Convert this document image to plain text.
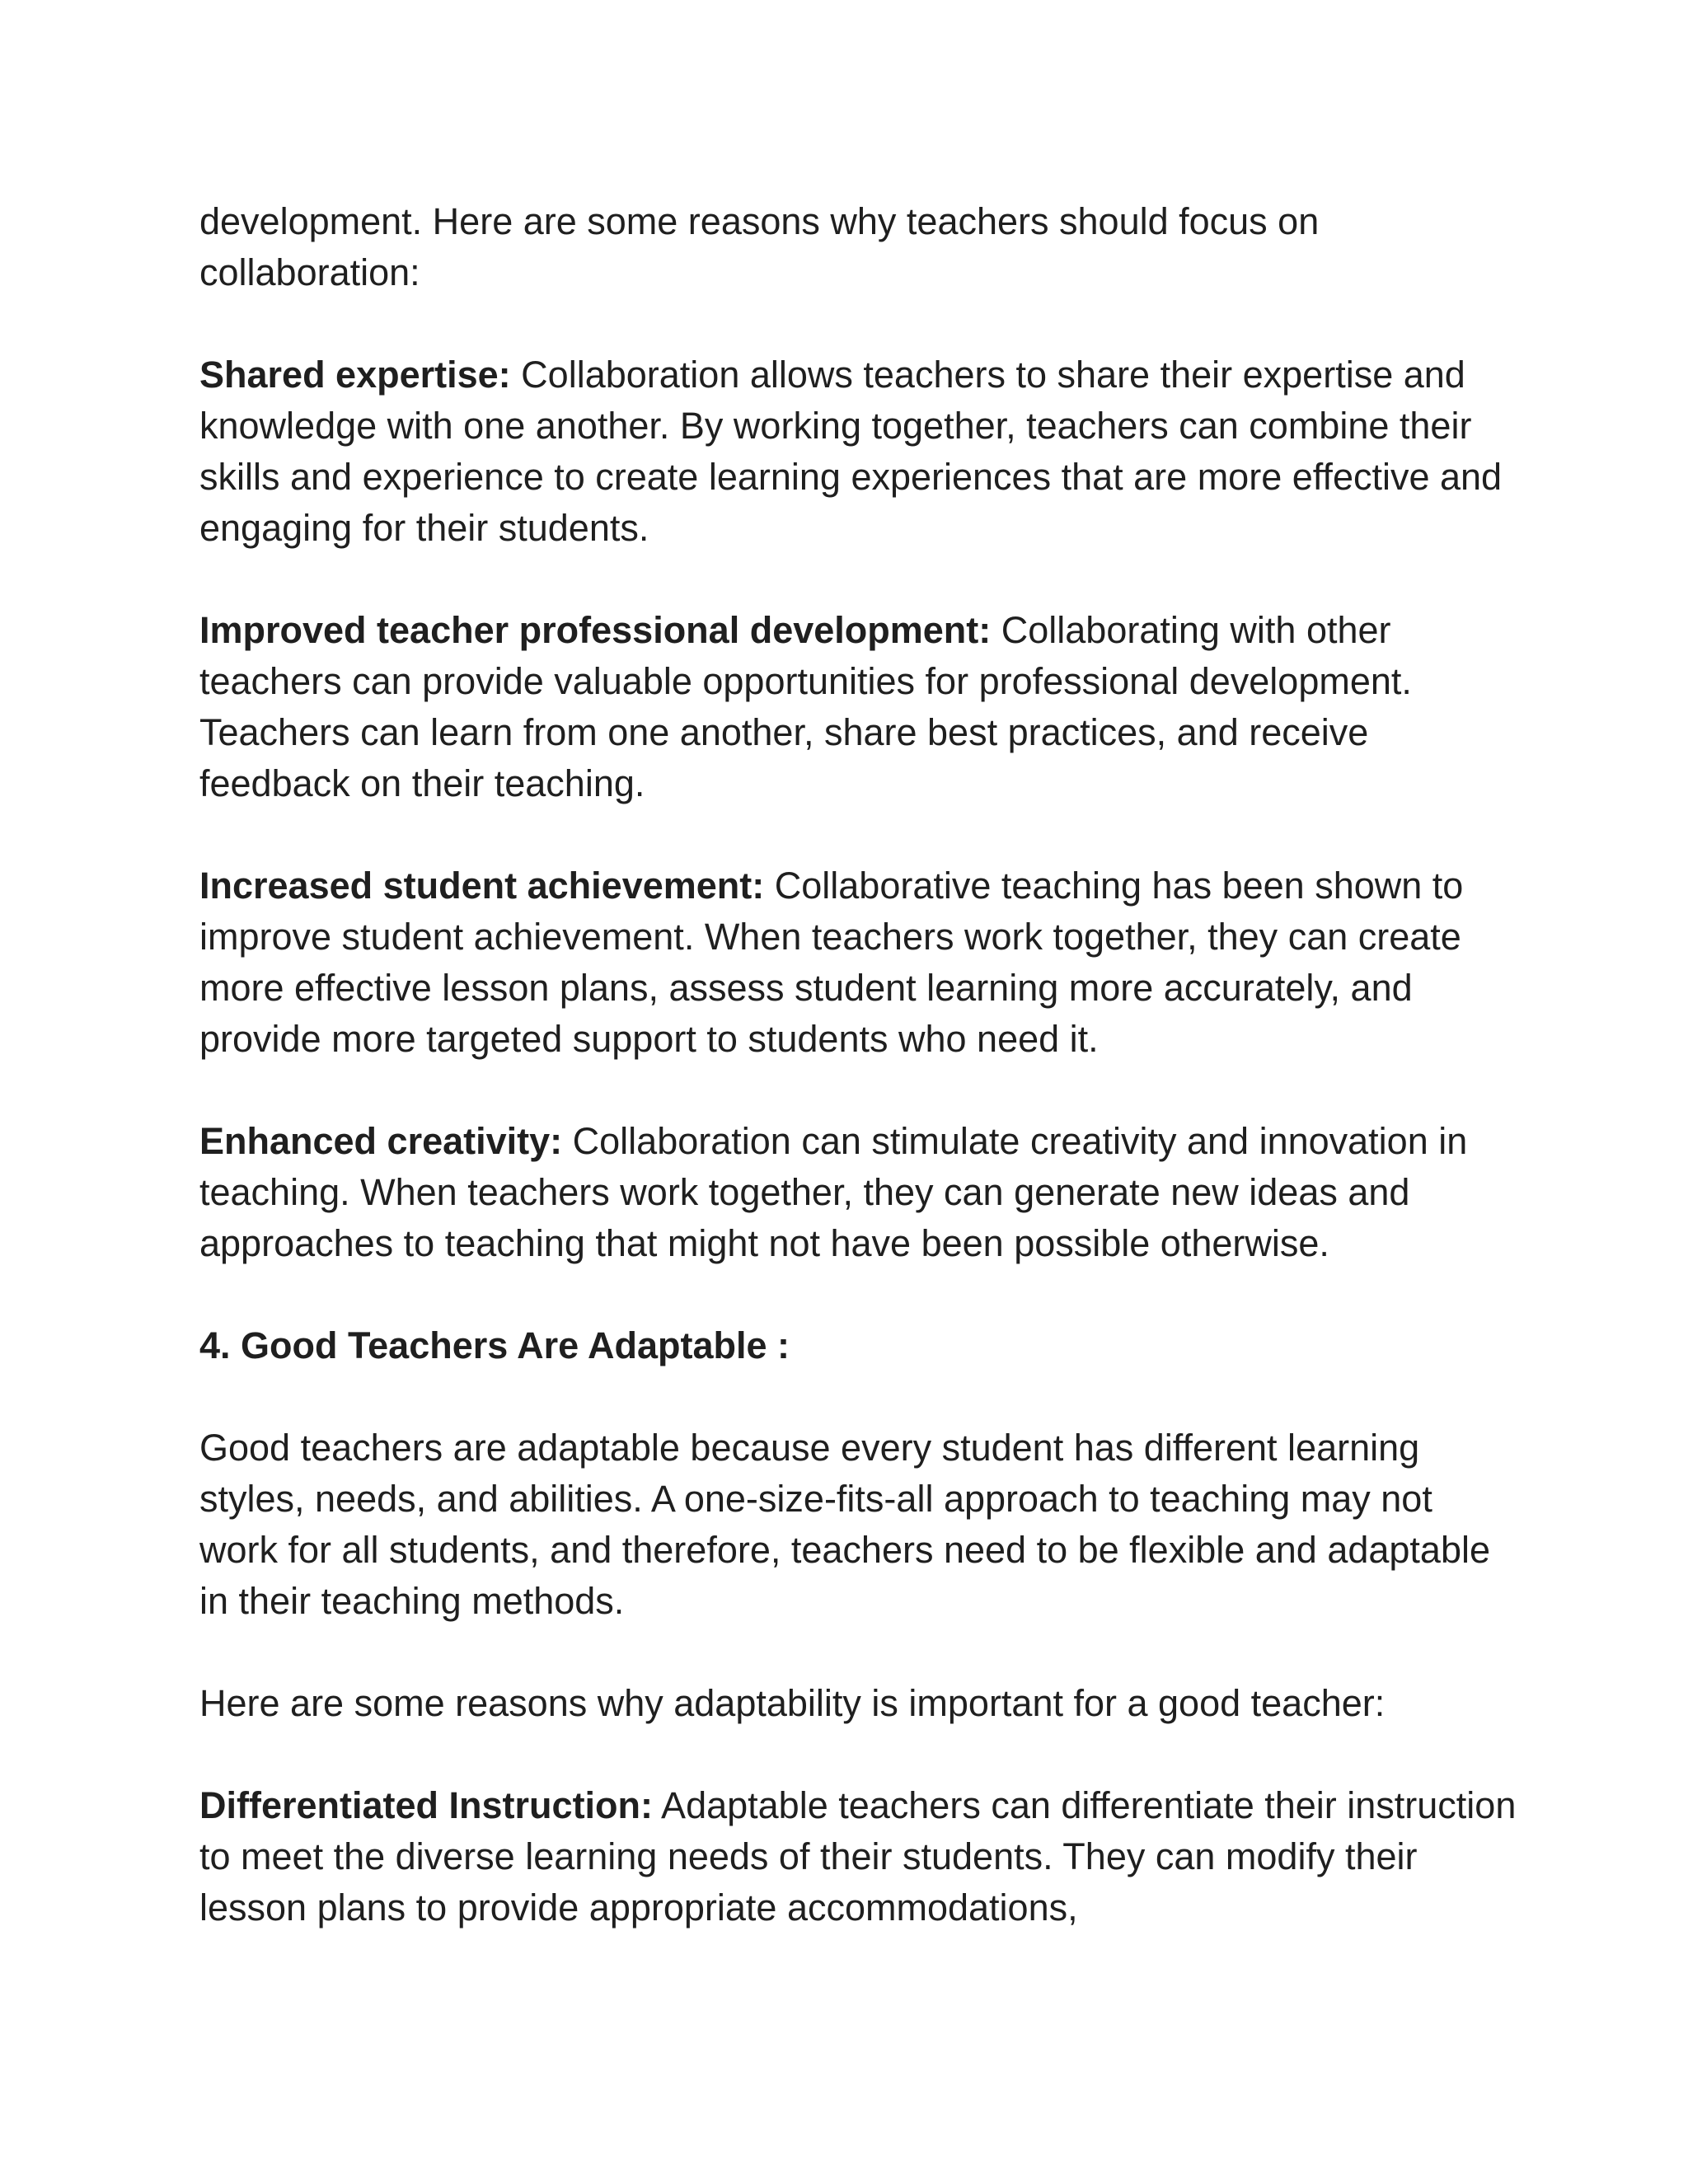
development. Here are some reasons why teachers should focus on collaboration:

Shared expertise: Collaboration allows teachers to share their expertise and knowledge with one another. By working together, teachers can combine their skills and experience to create learning experiences that are more effective and engaging for their students.

Improved teacher professional development: Collaborating with other teachers can provide valuable opportunities for professional development. Teachers can learn from one another, share best practices, and receive feedback on their teaching.

Increased student achievement: Collaborative teaching has been shown to improve student achievement. When teachers work together, they can create more effective lesson plans, assess student learning more accurately, and provide more targeted support to students who need it.

Enhanced creativity: Collaboration can stimulate creativity and innovation in teaching. When teachers work together, they can generate new ideas and approaches to teaching that might not have been possible otherwise.

4. Good Teachers Are Adaptable :

Good teachers are adaptable because every student has different learning styles, needs, and abilities. A one-size-fits-all approach to teaching may not work for all students, and therefore, teachers need to be flexible and adaptable in their teaching methods.

Here are some reasons why adaptability is important for a good teacher:

Differentiated Instruction: Adaptable teachers can differentiate their instruction to meet the diverse learning needs of their students. They can modify their lesson plans to provide appropriate accommodations,
